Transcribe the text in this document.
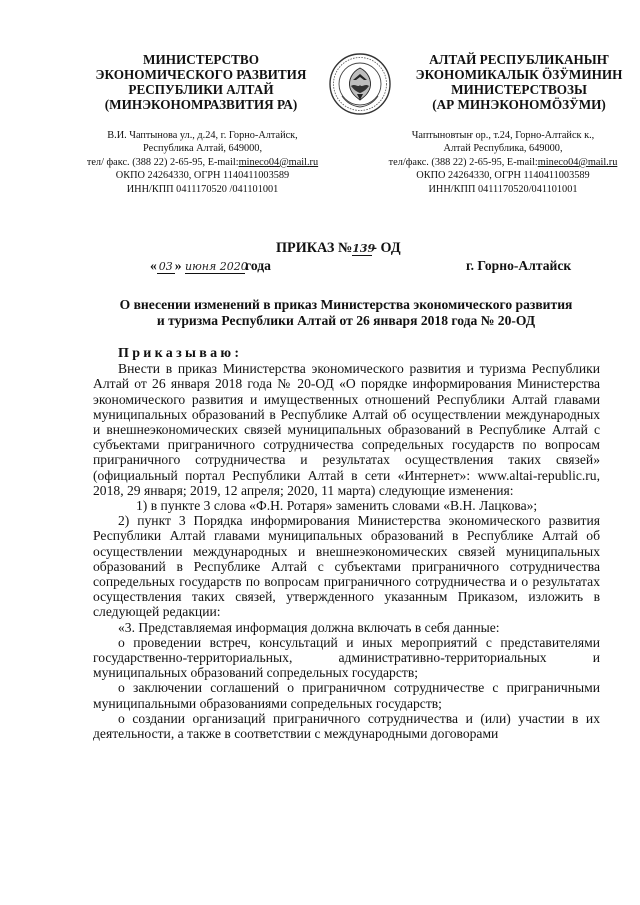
МИНИСТЕРСТВО
ЭКОНОМИЧЕСКОГО РАЗВИТИЯ
РЕСПУБЛИКИ АЛТАЙ
(МИНЭКОНОМРАЗВИТИЯ РА)
АЛТАЙ РЕСПУБЛИКАНЫҤ
ЭКОНОМИКАЛЫК ӦЗӰМИНИН
МИНИСТЕРСТВОЗЫ
(АР МИНЭКОНОМӦЗӰМИ)
В.И. Чаптынова ул., д.24, г. Горно-Алтайск,
Республика Алтай, 649000,
тел/ факс. (388 22) 2-65-95, E-mail:mineco04@mail.ru
ОКПО 24264330, ОГРН 1140411003589
ИНН/КПП 0411170520 /041101001
Чаптыновтыҥ ор., т.24, Горно-Алтайск к.,
Алтай Республика, 649000,
тел/факс. (388 22) 2-65-95, E-mail:mineco04@mail.ru
ОКПО 24264330, ОГРН 1140411003589
ИНН/КПП 0411170520/041101001
ПРИКАЗ №139- ОД
« 03 » июня 2020года	г. Горно-Алтайск
О внесении изменений в приказ Министерства экономического развития
и туризма Республики Алтай от 26 января 2018 года № 20-ОД

Приказываю:

Внести в приказ Министерства экономического развития и туризма Республики Алтай от 26 января 2018 года № 20-ОД «О порядке информирования Министерства экономического развития и имущественных отношений Республики Алтай главами муниципальных образований в Республике Алтай об осуществлении международных и внешнеэкономических связей муниципальных образований в Республике Алтай с субъектами приграничного сотрудничества сопредельных государств по вопросам приграничного сотрудничества и результатах осуществления таких связей» (официальный портал Республики Алтай в сети «Интернет»: www.altai-republic.ru, 2018, 29 января; 2019, 12 апреля; 2020, 11 марта) следующие изменения:

1) в пункте 3 слова «Ф.Н. Ротаря» заменить словами «В.Н. Лацкова»;

2) пункт 3 Порядка информирования Министерства экономического развития Республики Алтай главами муниципальных образований в Республике Алтай об осуществлении международных и внешнеэкономических связей муниципальных образований в Республике Алтай с субъектами приграничного сотрудничества сопредельных государств по вопросам приграничного сотрудничества и о результатах осуществления таких связей, утвержденного указанным Приказом, изложить в следующей редакции:

«3. Представляемая информация должна включать в себя данные:

о проведении встреч, консультаций и иных мероприятий с представителями государственно-территориальных, административно-территориальных и муниципальных образований сопредельных государств;

о заключении соглашений о приграничном сотрудничестве с приграничными муниципальными образованиями сопредельных государств;

о создании организаций приграничного сотрудничества и (или) участии в их деятельности, а также в соответствии с международными договорами
